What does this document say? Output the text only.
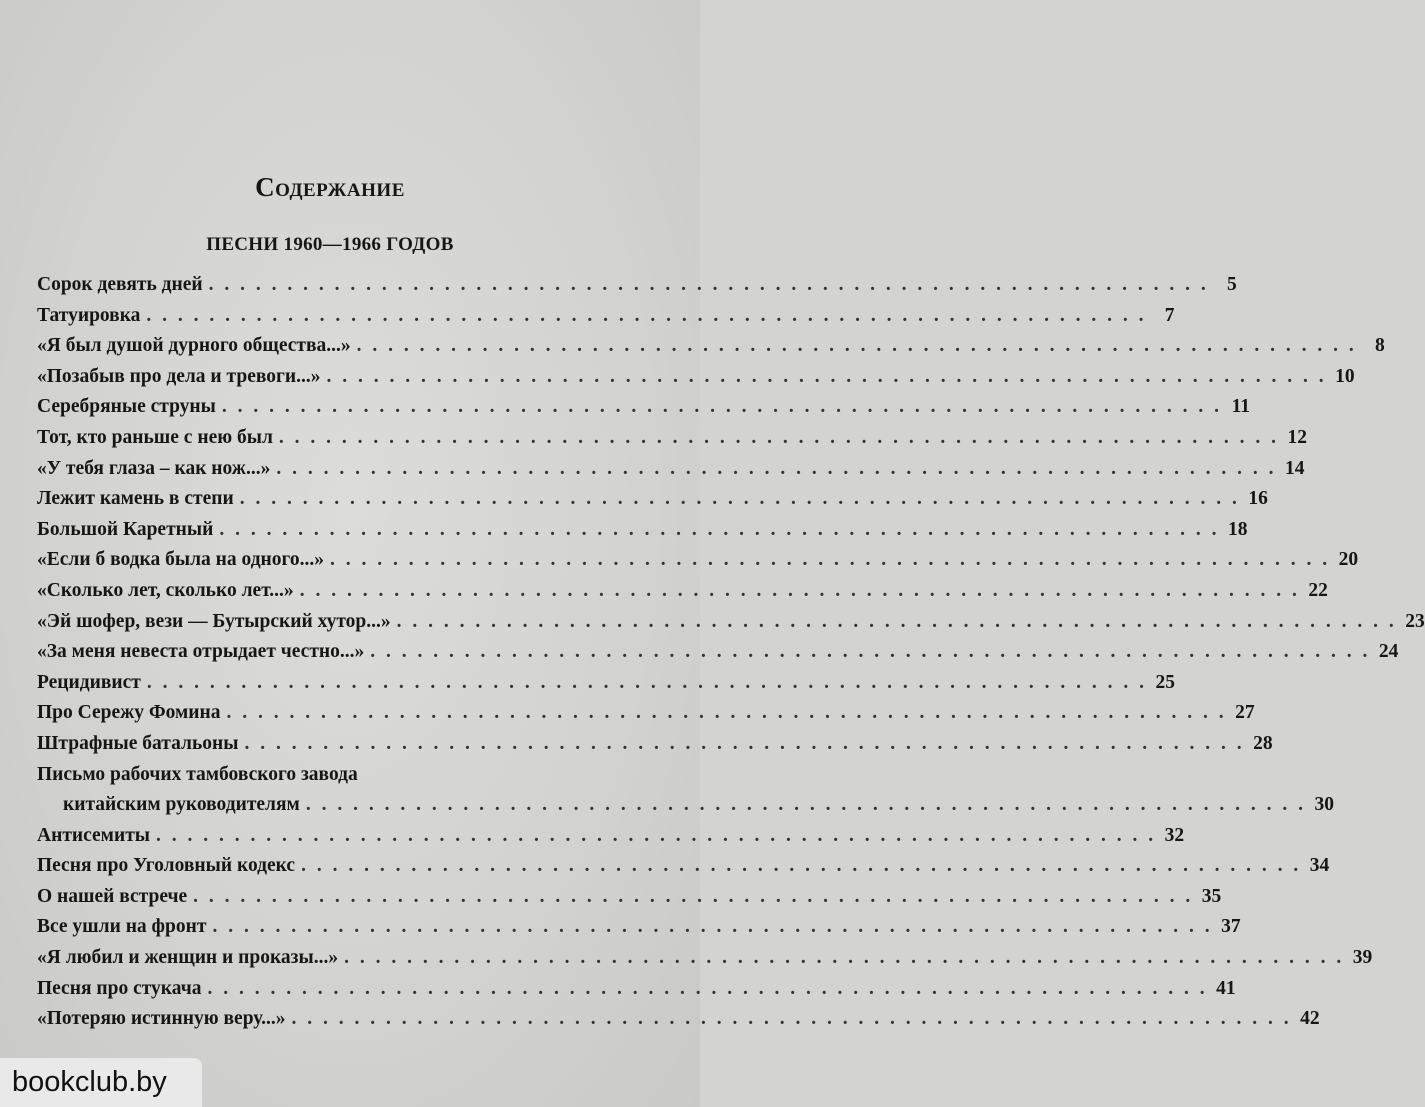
Содержание
ПЕСНИ 1960—1966 ГОДОВ
Сорок девять дней . . . . . . . . . . . . . . . . . . . . . . . . . . . . . . . . . . . . . . . . . . . . . . . . . . . . . . . . . . . . . . . . 5
Татуировка . . . . . . . . . . . . . . . . . . . . . . . . . . . . . . . . . . . . . . . . . . . . . . . . . . . . . . . . . . . . . . . . 7
«Я был душой дурного общества...» . . . . . . . . . . . . . . . . . . . . . . . . . . . . . . . . . . . . . . . . . . . . . . . . . . . . . . . . . . . . . . . . 8
«Позабыв про дела и тревоги...» . . . . . . . . . . . . . . . . . . . . . . . . . . . . . . . . . . . . . . . . . . . . . . . . . . . . . . . . . . . . . . . . 10
Серебряные струны . . . . . . . . . . . . . . . . . . . . . . . . . . . . . . . . . . . . . . . . . . . . . . . . . . . . . . . . . . . . . . . . 11
Тот, кто раньше с нею был . . . . . . . . . . . . . . . . . . . . . . . . . . . . . . . . . . . . . . . . . . . . . . . . . . . . . . . . . . . . . . . . 12
«У тебя глаза – как нож...» . . . . . . . . . . . . . . . . . . . . . . . . . . . . . . . . . . . . . . . . . . . . . . . . . . . . . . . . . . . . . . . . 14
Лежит камень в степи . . . . . . . . . . . . . . . . . . . . . . . . . . . . . . . . . . . . . . . . . . . . . . . . . . . . . . . . . . . . . . . . 16
Большой Каретный . . . . . . . . . . . . . . . . . . . . . . . . . . . . . . . . . . . . . . . . . . . . . . . . . . . . . . . . . . . . . . . . 18
«Если б водка была на одного...» . . . . . . . . . . . . . . . . . . . . . . . . . . . . . . . . . . . . . . . . . . . . . . . . . . . . . . . . . . . . . . . . 20
«Сколько лет, сколько лет...» . . . . . . . . . . . . . . . . . . . . . . . . . . . . . . . . . . . . . . . . . . . . . . . . . . . . . . . . . . . . . . . . 22
«Эй шофер, вези — Бутырский хутор...» . . . . . . . . . . . . . . . . . . . . . . . . . . . . . . . . . . . . . . . . . . . . . . . . . . . . . . . . . . . . . . . . 23
«За меня невеста отрыдает честно...» . . . . . . . . . . . . . . . . . . . . . . . . . . . . . . . . . . . . . . . . . . . . . . . . . . . . . . . . . . . . . . . . 24
Рецидивист . . . . . . . . . . . . . . . . . . . . . . . . . . . . . . . . . . . . . . . . . . . . . . . . . . . . . . . . . . . . . . . . 25
Про Сережу Фомина . . . . . . . . . . . . . . . . . . . . . . . . . . . . . . . . . . . . . . . . . . . . . . . . . . . . . . . . . . . . . . . . 27
Штрафные батальоны . . . . . . . . . . . . . . . . . . . . . . . . . . . . . . . . . . . . . . . . . . . . . . . . . . . . . . . . . . . . . . . . 28
Письмо рабочих тамбовского завода
китайским руководителям . . . . . . . . . . . . . . . . . . . . . . . . . . . . . . . . . . . . . . . . . . . . . . . . . . . . . . . . . . . . . . . . 30
Антисемиты . . . . . . . . . . . . . . . . . . . . . . . . . . . . . . . . . . . . . . . . . . . . . . . . . . . . . . . . . . . . . . . . 32
Песня про Уголовный кодекс . . . . . . . . . . . . . . . . . . . . . . . . . . . . . . . . . . . . . . . . . . . . . . . . . . . . . . . . . . . . . . . . 34
О нашей встрече . . . . . . . . . . . . . . . . . . . . . . . . . . . . . . . . . . . . . . . . . . . . . . . . . . . . . . . . . . . . . . . . 35
Все ушли на фронт . . . . . . . . . . . . . . . . . . . . . . . . . . . . . . . . . . . . . . . . . . . . . . . . . . . . . . . . . . . . . . . . 37
«Я любил и женщин и проказы...» . . . . . . . . . . . . . . . . . . . . . . . . . . . . . . . . . . . . . . . . . . . . . . . . . . . . . . . . . . . . . . . . 39
Песня про стукача . . . . . . . . . . . . . . . . . . . . . . . . . . . . . . . . . . . . . . . . . . . . . . . . . . . . . . . . . . . . . . . . 41
«Потеряю истинную веру...» . . . . . . . . . . . . . . . . . . . . . . . . . . . . . . . . . . . . . . . . . . . . . . . . . . . . . . . . . . . . . . . . 42
bookclub.by
